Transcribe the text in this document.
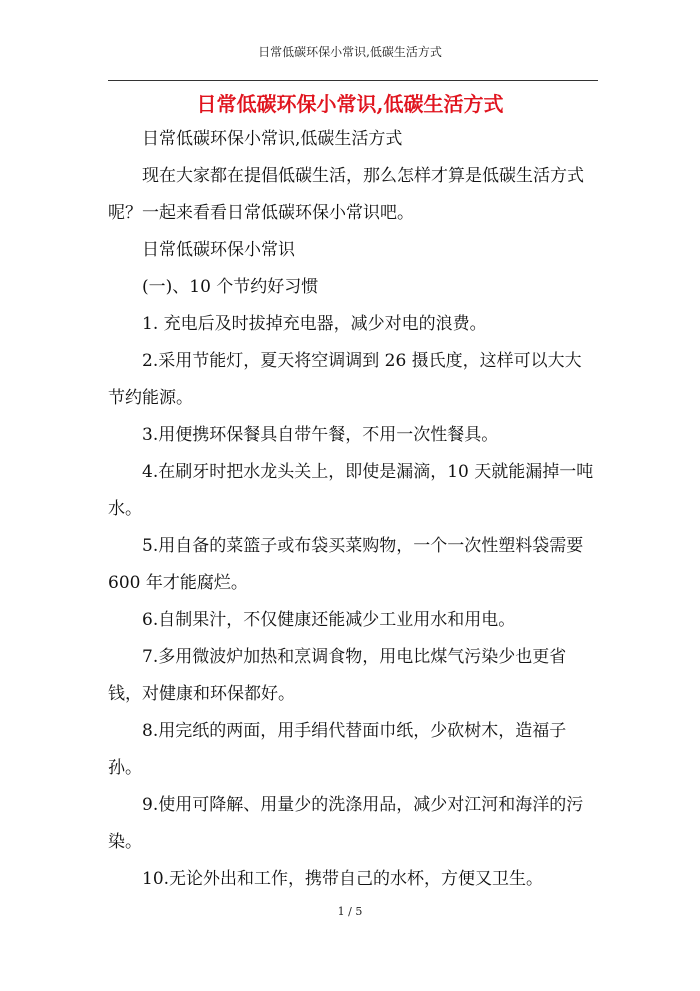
日常低碳环保小常识,低碳生活方式
日常低碳环保小常识,低碳生活方式

日常低碳环保小常识,低碳生活方式

现在大家都在提倡低碳生活，那么怎样才算是低碳生活方式呢？一起来看看日常低碳环保小常识吧。

日常低碳环保小常识

(一)、10 个节约好习惯

1. 充电后及时拔掉充电器，减少对电的浪费。

2.采用节能灯，夏天将空调调到 26 摄氏度，这样可以大大节约能源。

3.用便携环保餐具自带午餐，不用一次性餐具。

4.在刷牙时把水龙头关上，即使是漏滴，10 天就能漏掉一吨水。

5.用自备的菜篮子或布袋买菜购物，一个一次性塑料袋需要 600 年才能腐烂。

6.自制果汁，不仅健康还能减少工业用水和用电。

7.多用微波炉加热和烹调食物，用电比煤气污染少也更省钱，对健康和环保都好。

8.用完纸的两面，用手绢代替面巾纸，少砍树木，造福子孙。

9.使用可降解、用量少的洗涤用品，减少对江河和海洋的污染。

10.无论外出和工作，携带自己的水杯，方便又卫生。

1 / 5
